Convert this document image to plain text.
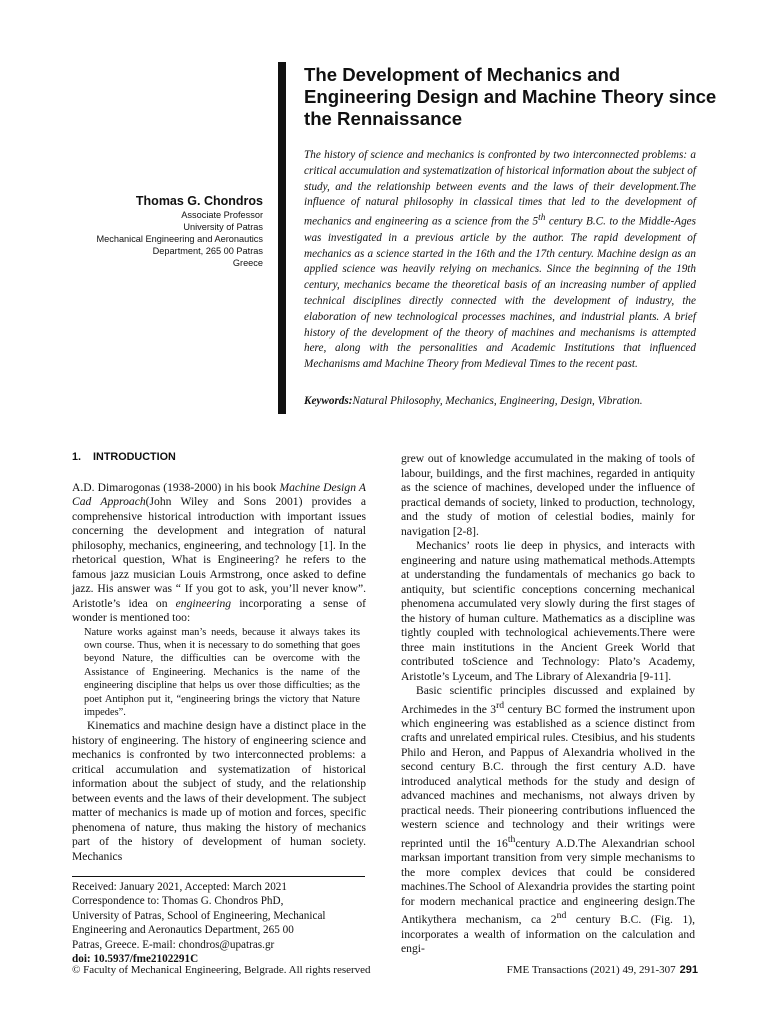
The Development of Mechanics and Engineering Design and Machine Theory since the Rennaissance
Thomas G. Chondros
Associate Professor
University of Patras
Mechanical Engineering and Aeronautics Department, 265 00 Patras
Greece

The history of science and mechanics is confronted by two interconnected problems: a critical accumulation and systematization of historical information about the subject of study, and the relationship between events and the laws of their development.The influence of natural philosophy in classical times that led to the development of mechanics and engineering as a science from the 5th century B.C. to the Middle-Ages was investigated in a previous article by the author. The rapid development of mechanics as a science started in the 16th and the 17th century. Machine design as an applied science was heavily relying on mechanics. Since the beginning of the 19th century, mechanics became the theoretical basis of an increasing number of applied technical disciplines directly connected with the development of industry, the elaboration of new technological processes machines, and industrial plants. A brief history of the development of the theory of machines and mechanisms is attempted here, along with the personalities and Academic Institutions that influenced Mechanisms amd Machine Theory from Medieval Times to the recent past.

Keywords:Natural Philosophy, Mechanics, Engineering, Design, Vibration.

1. INTRODUCTION

A.D. Dimarogonas (1938-2000) in his book Machine Design A Cad Approach(John Wiley and Sons 2001) provides a comprehensive historical introduction with important issues concerning the development and integration of natural philosophy, mechanics, engineering, and technology [1]. In the rhetorical question, What is Engineering? he refers to the famous jazz musician Louis Armstrong, once asked to define jazz. His answer was “ If you got to ask, you’ll never know”. Aristotle’s idea on engineering incorporating a sense of wonder is mentioned too:

Nature works against man’s needs, because it always takes its own course. Thus, when it is necessary to do something that goes beyond Nature, the difficulties can be overcome with the Assistance of Engineering. Mechanics is the name of the engineering discipline that helps us over those difficulties; as the poet Antiphon put it, “engineering brings the victory that Nature impedes”.

Kinematics and machine design have a distinct place in the history of engineering. The history of engineering science and mechanics is confronted by two interconnected problems: a critical accumulation and systematization of historical information about the subject of study, and the relationship between events and the laws of their development. The subject matter of mechanics is made up of motion and forces, specific phenomena of nature, thus making the history of mechanics part of the history of development of human society. Mechanics

grew out of knowledge accumulated in the making of tools of labour, buildings, and the first machines, regarded in antiquity as the science of machines, developed under the influence of practical demands of society, linked to production, technology, and the study of motion of celestial bodies, mainly for navigation [2-8].

Mechanics’ roots lie deep in physics, and interacts with engineering and nature using mathematical methods.Attempts at understanding the fundamentals of mechanics go back to antiquity, but scientific conceptions concerning mechanical phenomena accumulated very slowly during the first stages of the history of human culture. Mathematics as a discipline was tightly coupled with technological achievements.There were three main institutions in the Ancient Greek World that contributed toScience and Technology: Plato’s Academy, Aristotle’s Lyceum, and The Library of Alexandria [9-11].

Basic scientific principles discussed and explained by Archimedes in the 3rd century BC formed the instrument upon which engineering was established as a science distinct from crafts and unrelated empirical rules. Ctesibius, and his students Philo and Heron, and Pappus of Alexandria wholived in the second century B.C. through the first century A.D. have introduced analytical methods for the study and design of advanced machines and mechanisms, not always driven by practical needs. Their pioneering contributions influenced the western science and technology and their writings were reprinted until the 16thcentury A.D.The Alexandrian school marksan important transition from very simple mechanisms to the more complex devices that could be considered machines.The School of Alexandria provides the starting point for modern mechanical practice and engineering design.The Antikythera mechanism, ca 2nd century B.C. (Fig. 1), incorporates a wealth of information on the calculation and engi-

Received: January 2021, Accepted: March 2021

Correspondence to: Thomas G. Chondros PhD,

University of Patras, School of Engineering, Mechanical

Engineering and Aeronautics Department, 265 00

Patras, Greece. E-mail: chondros@upatras.gr

doi: 10.5937/fme2102291C

© Faculty of Mechanical Engineering, Belgrade. All rights reserved	FME Transactions (2021) 49, 291-307 291
